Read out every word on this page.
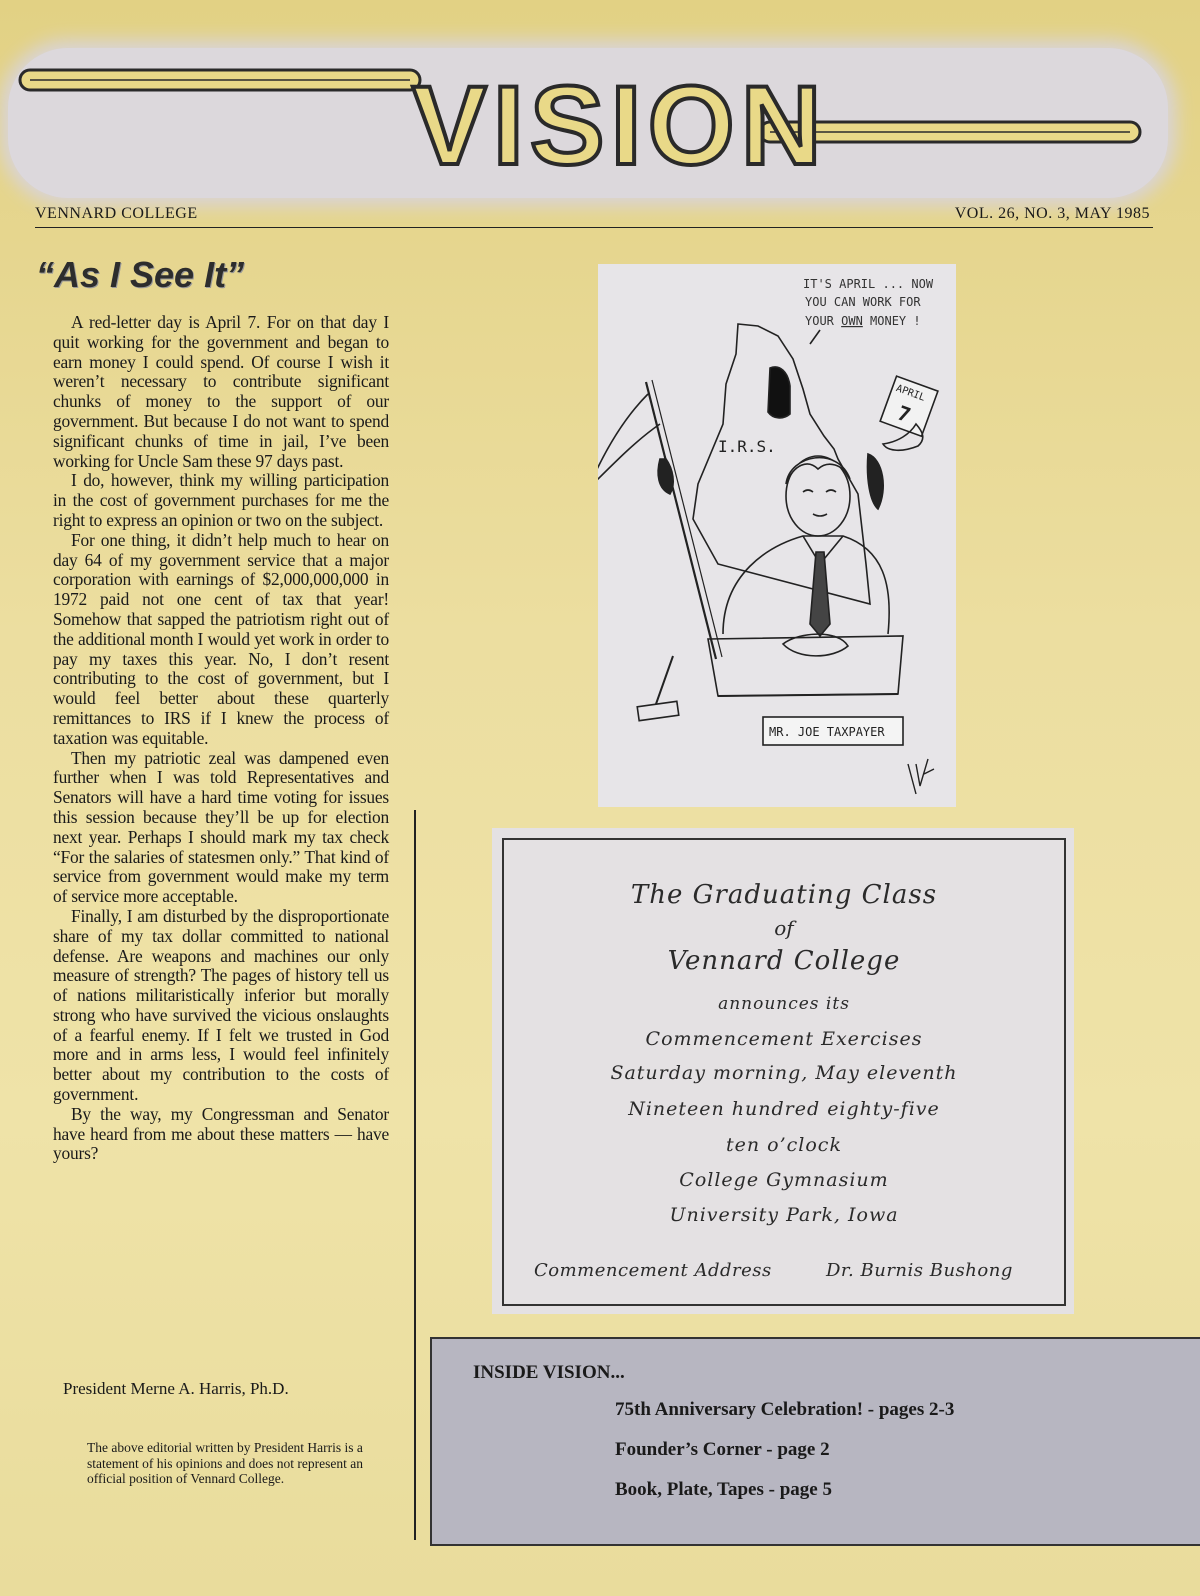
VISION
VENNARD COLLEGE	VOL. 26, NO. 3, MAY 1985
“As I See It”

A red-letter day is April 7. For on that day I quit working for the government and began to earn money I could spend. Of course I wish it weren’t necessary to contribute significant chunks of money to the support of our government. But because I do not want to spend significant chunks of time in jail, I’ve been working for Uncle Sam these 97 days past.

I do, however, think my willing participation in the cost of government purchases for me the right to express an opinion or two on the subject.

For one thing, it didn’t help much to hear on day 64 of my government service that a major corporation with earnings of $2,000,000,000 in 1972 paid not one cent of tax that year! Somehow that sapped the patriotism right out of the additional month I would yet work in order to pay my taxes this year. No, I don’t resent contributing to the cost of government, but I would feel better about these quarterly remittances to IRS if I knew the process of taxation was equitable.

Then my patriotic zeal was dampened even further when I was told Representatives and Senators will have a hard time voting for issues this session because they’ll be up for election next year. Perhaps I should mark my tax check “For the salaries of statesmen only.” That kind of service from government would make my term of service more acceptable.

Finally, I am disturbed by the disproportionate share of my tax dollar committed to national defense. Are weapons and machines our only measure of strength? The pages of history tell us of nations militaristically inferior but morally strong who have survived the vicious onslaughts of a fearful enemy. If I felt we trusted in God more and in arms less, I would feel infinitely better about my contribution to the costs of government.

By the way, my Congressman and Senator have heard from me about these matters — have yours?

President Merne A. Harris, Ph.D.
The above editorial written by President Harris is a statement of his opinions and does not represent an official position of Vennard College.
IT'S APRIL ... NOW
YOU CAN WORK FOR
YOUR OWN MONEY !
I.R.S.
APRIL
7
MR. JOE TAXPAYER
The Graduating Class
of
Vennard College
announces its
Commencement Exercises
Saturday morning, May eleventh
Nineteen hundred eighty-five
ten o’clock
College Gymnasium
University Park, Iowa
Commencement Address	Dr. Burnis Bushong
INSIDE VISION...
75th Anniversary Celebration! - pages 2-3
Founder’s Corner - page 2
Book, Plate, Tapes - page 5
